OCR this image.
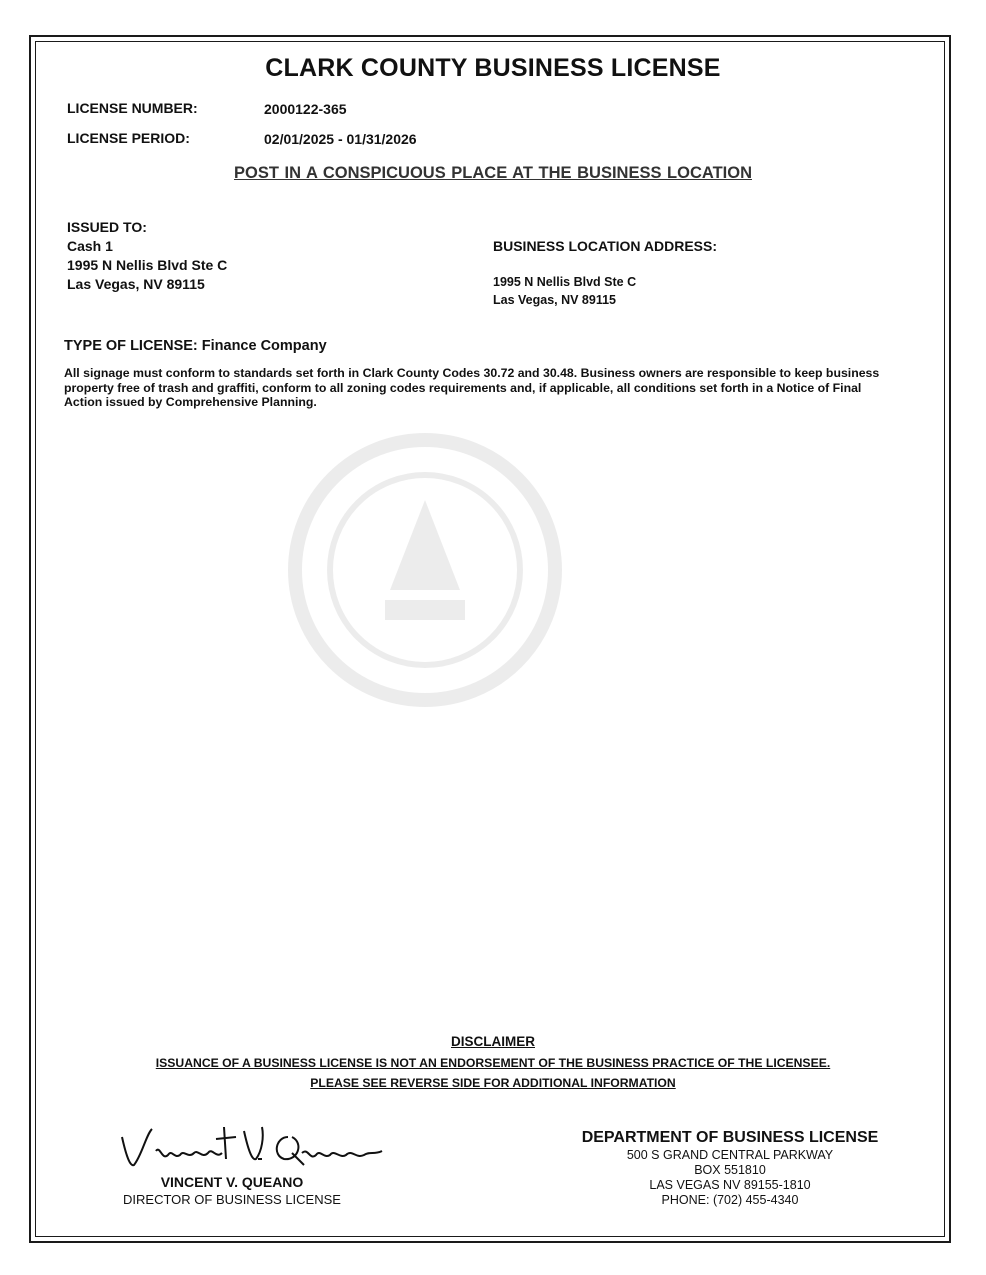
CLARK COUNTY BUSINESS LICENSE
LICENSE NUMBER:	2000122-365
LICENSE PERIOD:	02/01/2025 - 01/31/2026
POST IN A CONSPICUOUS PLACE AT THE BUSINESS LOCATION
ISSUED TO:
Cash 1
1995 N Nellis Blvd Ste C
Las Vegas, NV 89115
BUSINESS LOCATION ADDRESS:
1995 N Nellis Blvd Ste C
Las Vegas, NV 89115
TYPE OF LICENSE: Finance Company
All signage must conform to standards set forth in Clark County Codes 30.72 and 30.48. Business owners are responsible to keep business property free of trash and graffiti, conform to all zoning codes requirements and, if applicable, all conditions set forth in a Notice of Final Action issued by Comprehensive Planning.
DISCLAIMER
ISSUANCE OF A BUSINESS LICENSE IS NOT AN ENDORSEMENT OF THE BUSINESS PRACTICE OF THE LICENSEE.
PLEASE SEE REVERSE SIDE FOR ADDITIONAL INFORMATION
VINCENT V. QUEANO
DIRECTOR OF BUSINESS LICENSE
DEPARTMENT OF BUSINESS LICENSE
500 S GRAND CENTRAL PARKWAY
BOX 551810
LAS VEGAS NV 89155-1810
PHONE: (702) 455-4340
